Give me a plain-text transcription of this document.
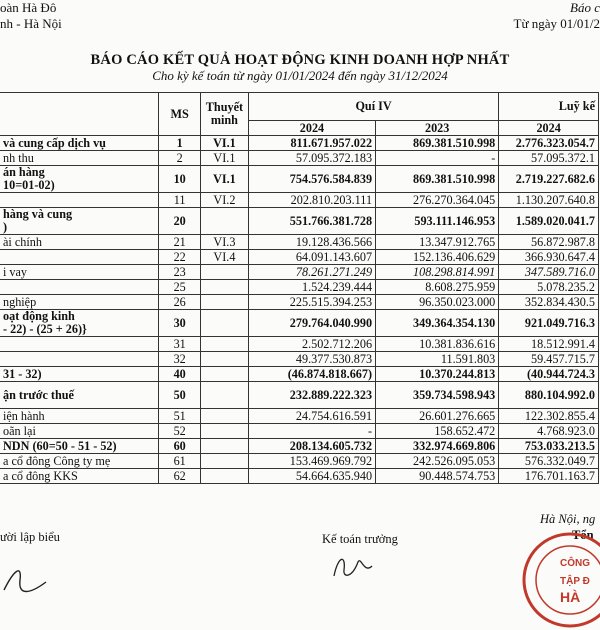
oàn Hà Đô
nh - Hà Nội
Báo c
Từ ngày 01/01/2
BÁO CÁO KẾT QUẢ HOẠT ĐỘNG KINH DOANH HỢP NHẤT
Cho kỳ kế toán từ ngày 01/01/2024 đến ngày 31/12/2024
	MS	Thuyết minh	Quí IV		Luỹ kế
			2024	2023	2024
và cung cấp dịch vụ	1	VI.1	811.671.957.022	869.381.510.998	2.776.323.054.7
nh thu	2	VI.1	57.095.372.183	-	57.095.372.1
án hàng
10=01-02)	10	VI.1	754.576.584.839	869.381.510.998	2.719.227.682.6
	11	VI.2	202.810.203.111	276.270.364.045	1.130.207.640.8
hàng và cung
)	20		551.766.381.728	593.111.146.953	1.589.020.041.7
ài chính	21	VI.3	19.128.436.566	13.347.912.765	56.872.987.8
	22	VI.4	64.091.143.607	152.136.406.629	366.930.647.4
i vay	23		78.261.271.249	108.298.814.991	347.589.716.0
	25		1.524.239.444	8.608.275.959	5.078.235.2
nghiệp	26		225.515.394.253	96.350.023.000	352.834.430.5
oạt động kinh
- 22) - (25 + 26)}	30		279.764.040.990	349.364.354.130	921.049.716.3
	31		2.502.712.206	10.381.836.616	18.512.991.4
	32		49.377.530.873	11.591.803	59.457.715.7
31 - 32)	40		(46.874.818.667)	10.370.244.813	(40.944.724.3
ận trước thuế	50		232.889.222.323	359.734.598.943	880.104.992.0
iện hành	51		24.754.616.591	26.601.276.665	122.302.855.4
oãn lại	52		-	158.652.472	4.768.923.0
NDN (60=50 - 51 - 52)	60		208.134.605.732	332.974.669.806	753.033.213.5
a cổ đông Công ty mẹ	61		153.469.969.792	242.526.095.053	576.332.049.7
a cổ đông KKS	62		54.664.635.940	90.448.574.753	176.701.163.7
ười lập biểu	Kế toán trưởng
Hà Nội, ng
Tổn
CÔNG
TẬP Đ
HÀ
